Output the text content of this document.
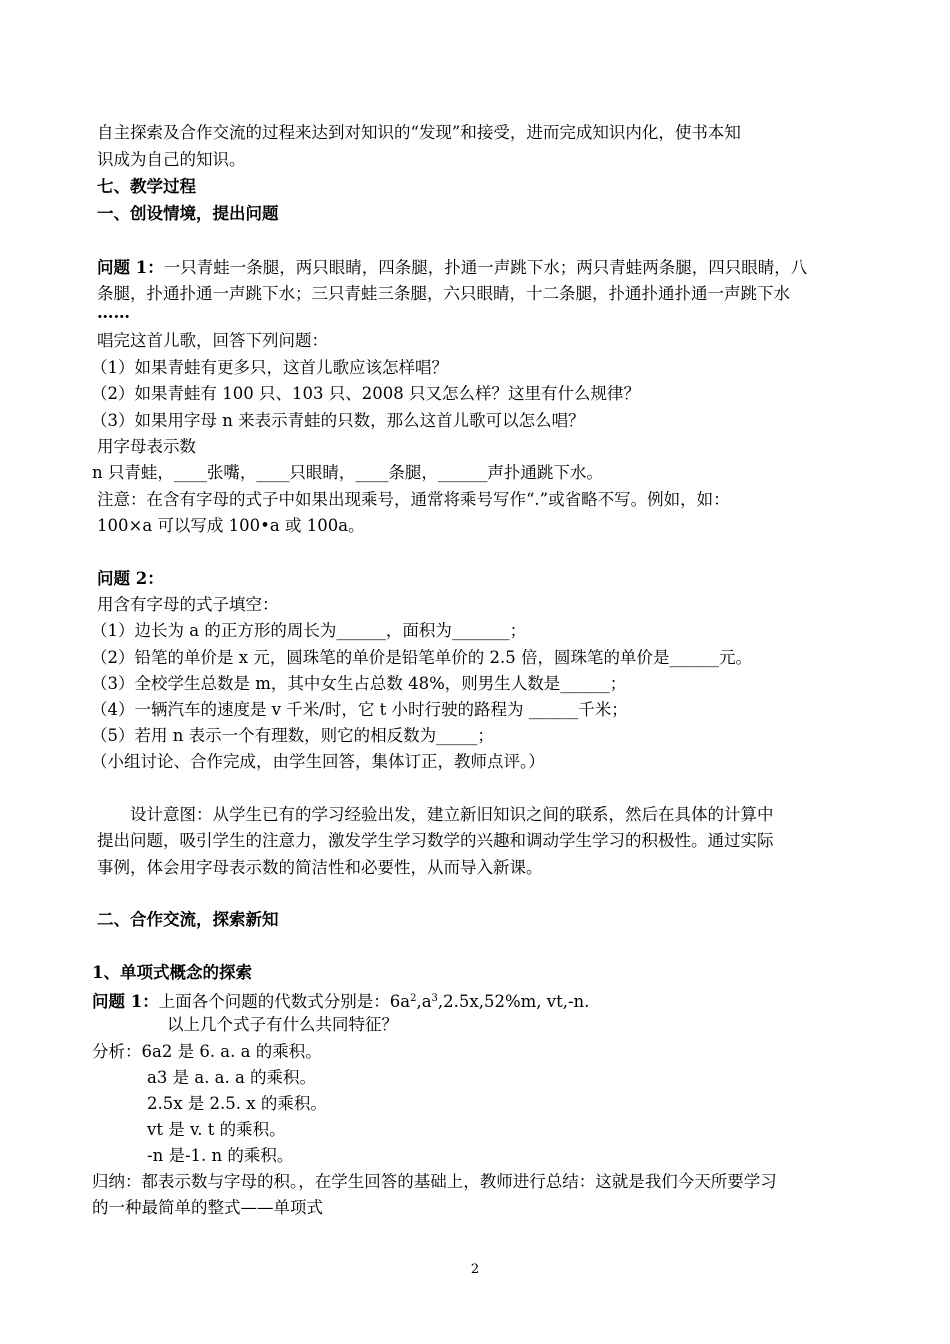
自主探索及合作交流的过程来达到对知识的“发现”和接受，进而完成知识内化，使书本知

识成为自己的知识。

七、教学过程

一、创设情境，提出问题

问题 1：一只青蛙一条腿，两只眼睛，四条腿，扑通一声跳下水；两只青蛙两条腿，四只眼睛，八

条腿，扑通扑通一声跳下水；三只青蛙三条腿，六只眼睛，十二条腿，扑通扑通扑通一声跳下水

……

唱完这首儿歌，回答下列问题：

（1）如果青蛙有更多只，这首儿歌应该怎样唱？

（2）如果青蛙有 100 只、103 只、2008 只又怎么样？这里有什么规律？

（3）如果用字母 n 来表示青蛙的只数，那么这首儿歌可以怎么唱？

用字母表示数

n 只青蛙，____张嘴，____只眼睛，____条腿，______声扑通跳下水。

注意：在含有字母的式子中如果出现乘号，通常将乘号写作“.”或省略不写。例如，如：

100×a 可以写成 100•a 或 100a。

问题 2：

用含有字母的式子填空：

（1）边长为 a 的正方形的周长为______，面积为_______；

（2）铅笔的单价是 x 元，圆珠笔的单价是铅笔单价的 2.5 倍，圆珠笔的单价是______元。

（3）全校学生总数是 m，其中女生占总数 48%，则男生人数是______；

（4）一辆汽车的速度是 v 千米/时，它 t 小时行驶的路程为 ______千米；

（5）若用 n 表示一个有理数，则它的相反数为_____；

（小组讨论、合作完成，由学生回答，集体订正，教师点评。）

设计意图：从学生已有的学习经验出发，建立新旧知识之间的联系，然后在具体的计算中

提出问题，吸引学生的注意力，激发学生学习数学的兴趣和调动学生学习的积极性。通过实际

事例，体会用字母表示数的简洁性和必要性，从而导入新课。

二、合作交流，探索新知

1、单项式概念的探索

问题 1：上面各个问题的代数式分别是：$6a^2,a^3,2.5x,52\%m$, vt,-n.

以上几个式子有什么共同特征？

分析：6a2 是 6. a. a 的乘积。

a3 是 a. a. a 的乘积。

2.5x 是 2.5. x 的乘积。

vt 是 v. t 的乘积。

-n 是-1. n 的乘积。

归纳：都表示数与字母的积。，在学生回答的基础上，教师进行总结：这就是我们今天所要学习

的一种最简单的整式——单项式

2
